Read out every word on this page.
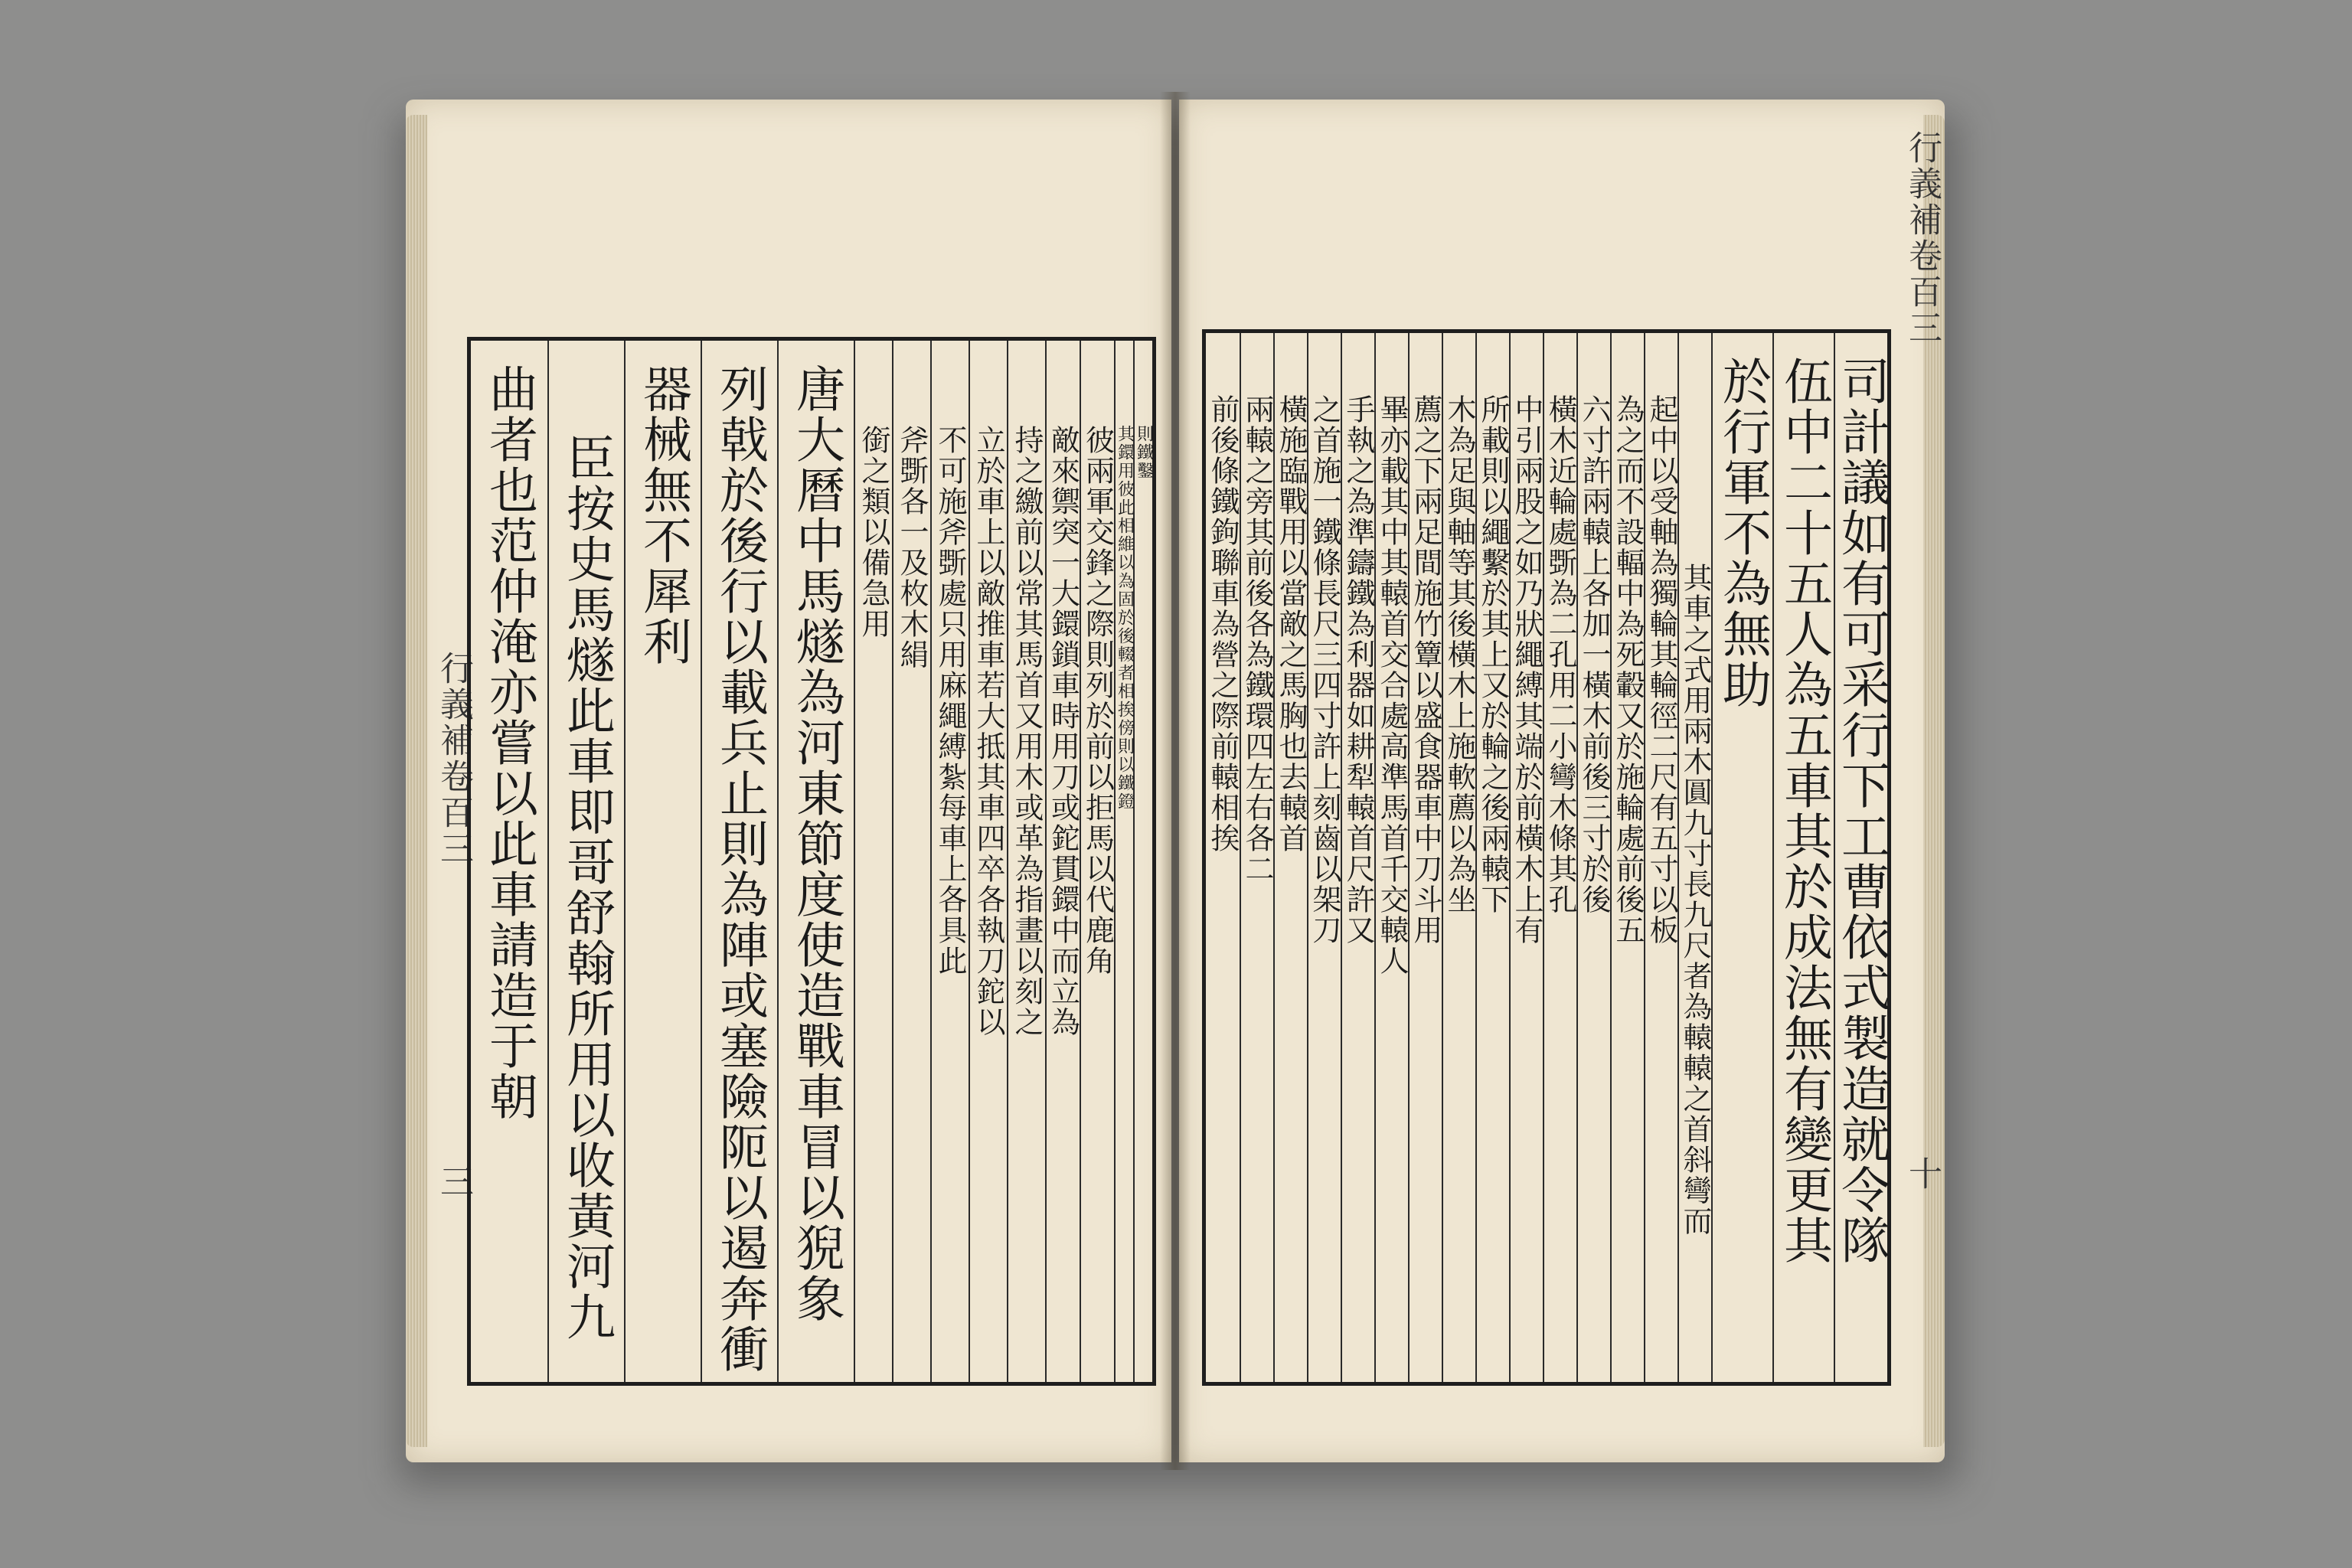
行義補卷百三
三
曲者也范仲淹亦嘗以此車請造于朝 臣按史馬燧此車即哥舒翰所用以收黃河九 器械無不犀利 列戟於後行以載兵止則為陣或塞險阨以遏奔衝 唐大曆中馬燧為河東節度使造戰車冒以猊象 銜之類以備急用 斧斲各一及枚木絹 不可施斧斲處只用麻繩縛紮每車上各具此 立於車上以敵推車若大抵其車四卒各執刀鉈以 持之繳前以常其馬首又用木或革為指畫以刻之 敵來禦突一大鐶鎖車時用刀或鉈貫鐶中而立為 彼兩軍交鋒之際則列於前以拒馬以代鹿角 其鐶用彼此相維以為固於後輟者相挨傍則以鐵鐙 則鐵鑿
行義補卷百三
十
前後條鐵鉤聯車為營之際前轅相挨 兩轅之旁其前後各為鐵環四左右各二 橫施臨戰用以當敵之馬胸也去轅首 之首施一鐵條長尺三四寸許上刻齒以架刀 手執之為準鑄鐵為利器如耕犁轅首尺許又 畢亦載其中其轅首交合處高準馬首千交轅人 薦之下兩足間施竹簟以盛食器車中刀斗用 木為足與軸等其後橫木上施軟薦以為坐 所載則以繩繫於其上又於輪之後兩轅下 中引兩股之如乃狀繩縛其端於前橫木上有 橫木近輪處斲為二孔用二小彎木條其孔 六寸許兩轅上各加一橫木前後三寸於後 為之而不設輻中為死轂又於施輪處前後五 起中以受軸為獨輪其輪徑二尺有五寸以板 其車之式用兩木圓九寸長九尺者為轅轅之首斜彎而
於行軍不為無助 伍中二十五人為五車其於成法無有變更其 司計議如有可采行下工曹依式製造就令隊
